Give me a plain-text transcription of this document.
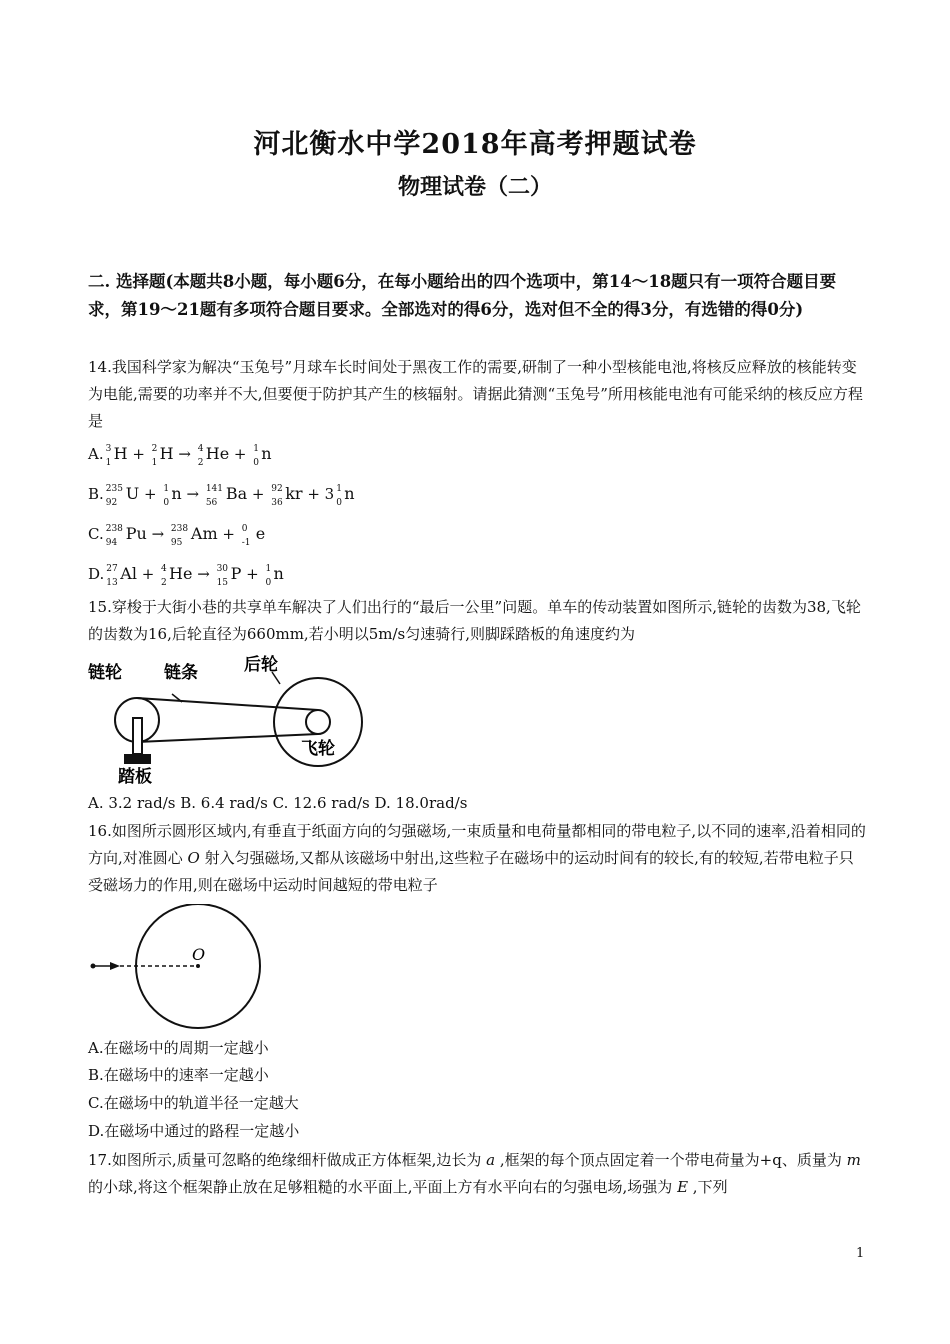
河北衡水中学2018年高考押题试卷
物理试卷（二）
二. 选择题(本题共8小题，每小题6分，在每小题给出的四个选项中，第14～18题只有一项符合题目要求，第19～21题有多项符合题目要求。全部选对的得6分，选对但不全的得3分，有选错的得0分)
14.我国科学家为解决“玉兔号”月球车长时间处于黑夜工作的需要,研制了一种小型核能电池,将核反应释放的核能转变为电能,需要的功率并不大,但要便于防护其产生的核辐射。请据此猜测“玉兔号”所用核能电池有可能采纳的核反应方程是
A. 3
1 H + 2
1 H → 4
2 He + 1
0 n
B. 235
92 U + 1
0 n → 141
56 Ba + 92
36 kr + 3 1
0 n
C. 238
94 Pu → 238
95 Am + 0
-1 e
D. 27
13 Al + 4
2 He → 30
15 P + 1
0 n
15.穿梭于大街小巷的共享单车解决了人们出行的“最后一公里”问题。单车的传动装置如图所示,链轮的齿数为38,飞轮的齿数为16,后轮直径为660mm,若小明以5m/s匀速骑行,则脚踩踏板的角速度约为
链轮 链条	后轮
飞轮
踏板
A. 3.2 rad/s B. 6.4 rad/s C. 12.6 rad/s D. 18.0rad/s
16.如图所示圆形区域内,有垂直于纸面方向的匀强磁场,一束质量和电荷量都相同的带电粒子,以不同的速率,沿着相同的方向,对准圆心 O 射入匀强磁场,又都从该磁场中射出,这些粒子在磁场中的运动时间有的较长,有的较短,若带电粒子只受磁场力的作用,则在磁场中运动时间越短的带电粒子
O
A.在磁场中的周期一定越小
B.在磁场中的速率一定越小
C.在磁场中的轨道半径一定越大
D.在磁场中通过的路程一定越小
17.如图所示,质量可忽略的绝缘细杆做成正方体框架,边长为 a ,框架的每个顶点固定着一个带电荷量为+q、质量为 m 的小球,将这个框架静止放在足够粗糙的水平面上,平面上方有水平向右的匀强电场,场强为 E ,下列
1
